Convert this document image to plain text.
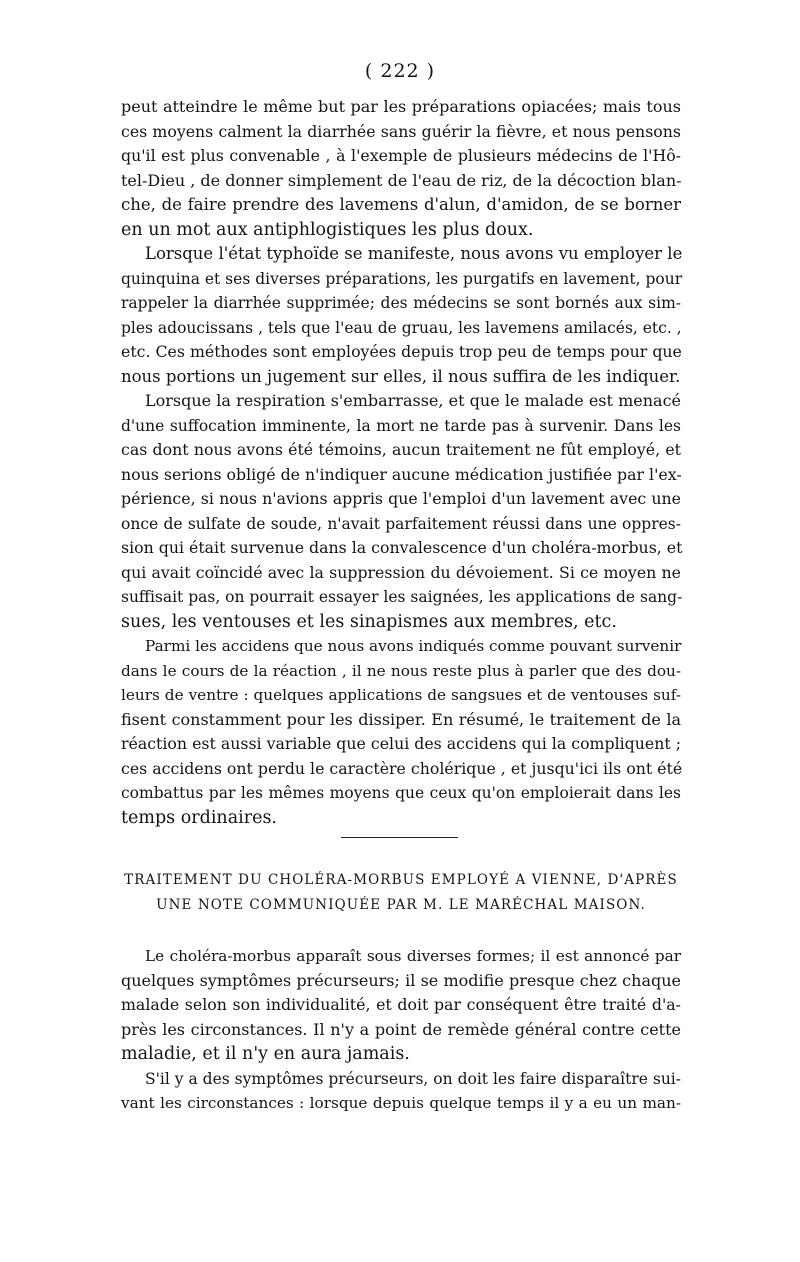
( 222 )
peut atteindre le même but par les préparations opiacées; mais tous
ces moyens calment la diarrhée sans guérir la fièvre, et nous pensons
qu'il est plus convenable , à l'exemple de plusieurs médecins de l'Hô-
tel-Dieu , de donner simplement de l'eau de riz, de la décoction blan-
che, de faire prendre des lavemens d'alun, d'amidon, de se borner
en un mot aux antiphlogistiques les plus doux.
Lorsque l'état typhoïde se manifeste, nous avons vu employer le
quinquina et ses diverses préparations, les purgatifs en lavement, pour
rappeler la diarrhée supprimée; des médecins se sont bornés aux sim-
ples adoucissans , tels que l'eau de gruau, les lavemens amilacés, etc. ,
etc. Ces méthodes sont employées depuis trop peu de temps pour que
nous portions un jugement sur elles, il nous suffira de les indiquer.
Lorsque la respiration s'embarrasse, et que le malade est menacé
d'une suffocation imminente, la mort ne tarde pas à survenir. Dans les
cas dont nous avons été témoins, aucun traitement ne fût employé, et
nous serions obligé de n'indiquer aucune médication justifiée par l'ex-
périence, si nous n'avions appris que l'emploi d'un lavement avec une
once de sulfate de soude, n'avait parfaitement réussi dans une oppres-
sion qui était survenue dans la convalescence d'un choléra-morbus, et
qui avait coïncidé avec la suppression du dévoiement. Si ce moyen ne
suffisait pas, on pourrait essayer les saignées, les applications de sang-
sues, les ventouses et les sinapismes aux membres, etc.
Parmi les accidens que nous avons indiqués comme pouvant survenir
dans le cours de la réaction , il ne nous reste plus à parler que des dou-
leurs de ventre : quelques applications de sangsues et de ventouses suf-
fisent constamment pour les dissiper. En résumé, le traitement de la
réaction est aussi variable que celui des accidens qui la compliquent ;
ces accidens ont perdu le caractère cholérique , et jusqu'ici ils ont été
combattus par les mêmes moyens que ceux qu'on emploierait dans les
temps ordinaires.
TRAITEMENT DU CHOLÉRA-MORBUS EMPLOYÉ A VIENNE, D'APRÈS
UNE NOTE COMMUNIQUÉE PAR M. LE MARÉCHAL MAISON.
Le choléra-morbus apparaît sous diverses formes; il est annoncé par
quelques symptômes précurseurs; il se modifie presque chez chaque
malade selon son individualité, et doit par conséquent être traité d'a-
près les circonstances. Il n'y a point de remède général contre cette
maladie, et il n'y en aura jamais.
S'il y a des symptômes précurseurs, on doit les faire disparaître sui-
vant les circonstances : lorsque depuis quelque temps il y a eu un man-
